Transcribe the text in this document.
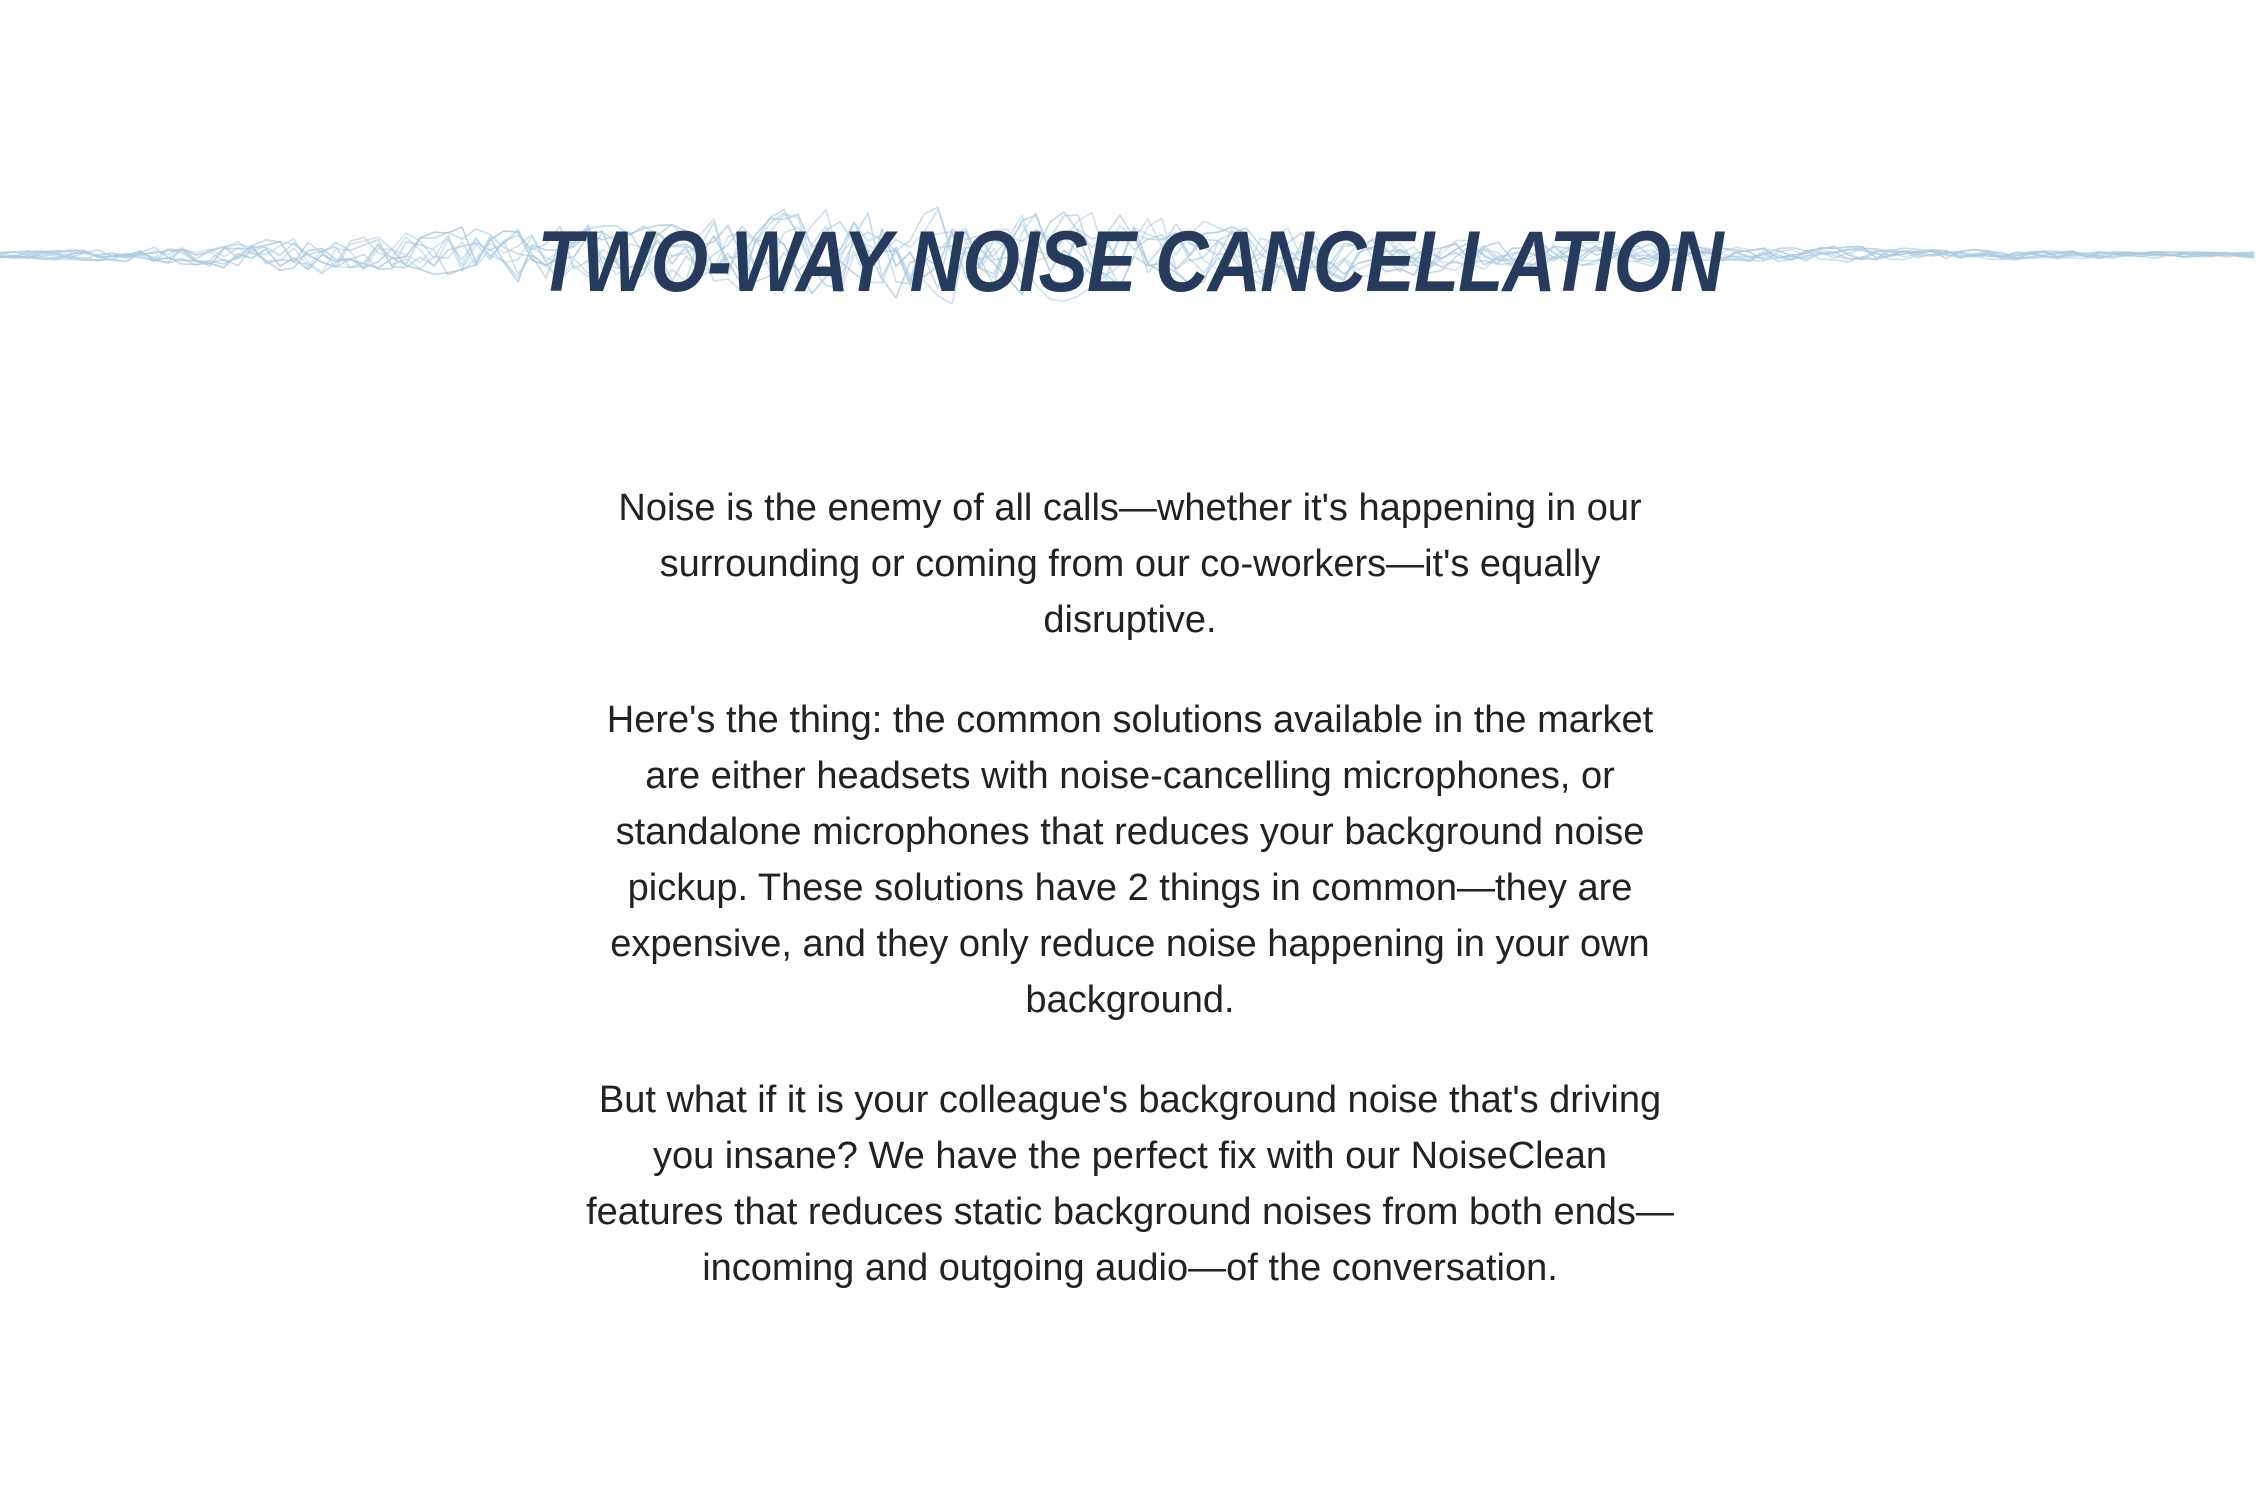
TWO-WAY NOISE CANCELLATION

Noise is the enemy of all calls—whether it's happening in our surrounding or coming from our co-workers—it's equally disruptive.

Here's the thing: the common solutions available in the market are either headsets with noise-cancelling microphones, or standalone microphones that reduces your background noise pickup. These solutions have 2 things in common—they are expensive, and they only reduce noise happening in your own background.

But what if it is your colleague's background noise that's driving you insane? We have the perfect fix with our NoiseClean features that reduces static background noises from both ends—incoming and outgoing audio—of the conversation.
